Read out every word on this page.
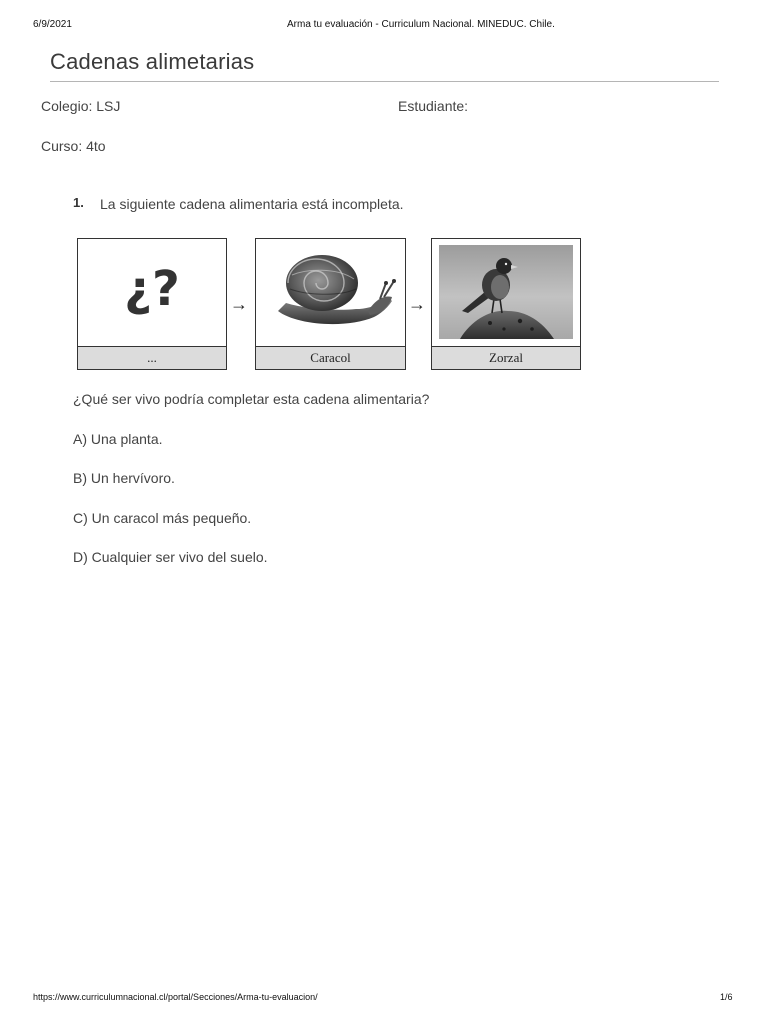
6/9/2021	Arma tu evaluación - Curriculum Nacional. MINEDUC. Chile.
Cadenas alimetarias
Colegio: LSJ	Estudiante:
Curso: 4to
1. La siguiente cadena alimentaria está incompleta.
¿?
...
→
Caracol
→
Zorzal
¿Qué ser vivo podría completar esta cadena alimentaria?
A) Una planta.
B) Un hervívoro.
C) Un caracol más pequeño.
D) Cualquier ser vivo del suelo.
https://www.curriculumnacional.cl/portal/Secciones/Arma-tu-evaluacion/	1/6
